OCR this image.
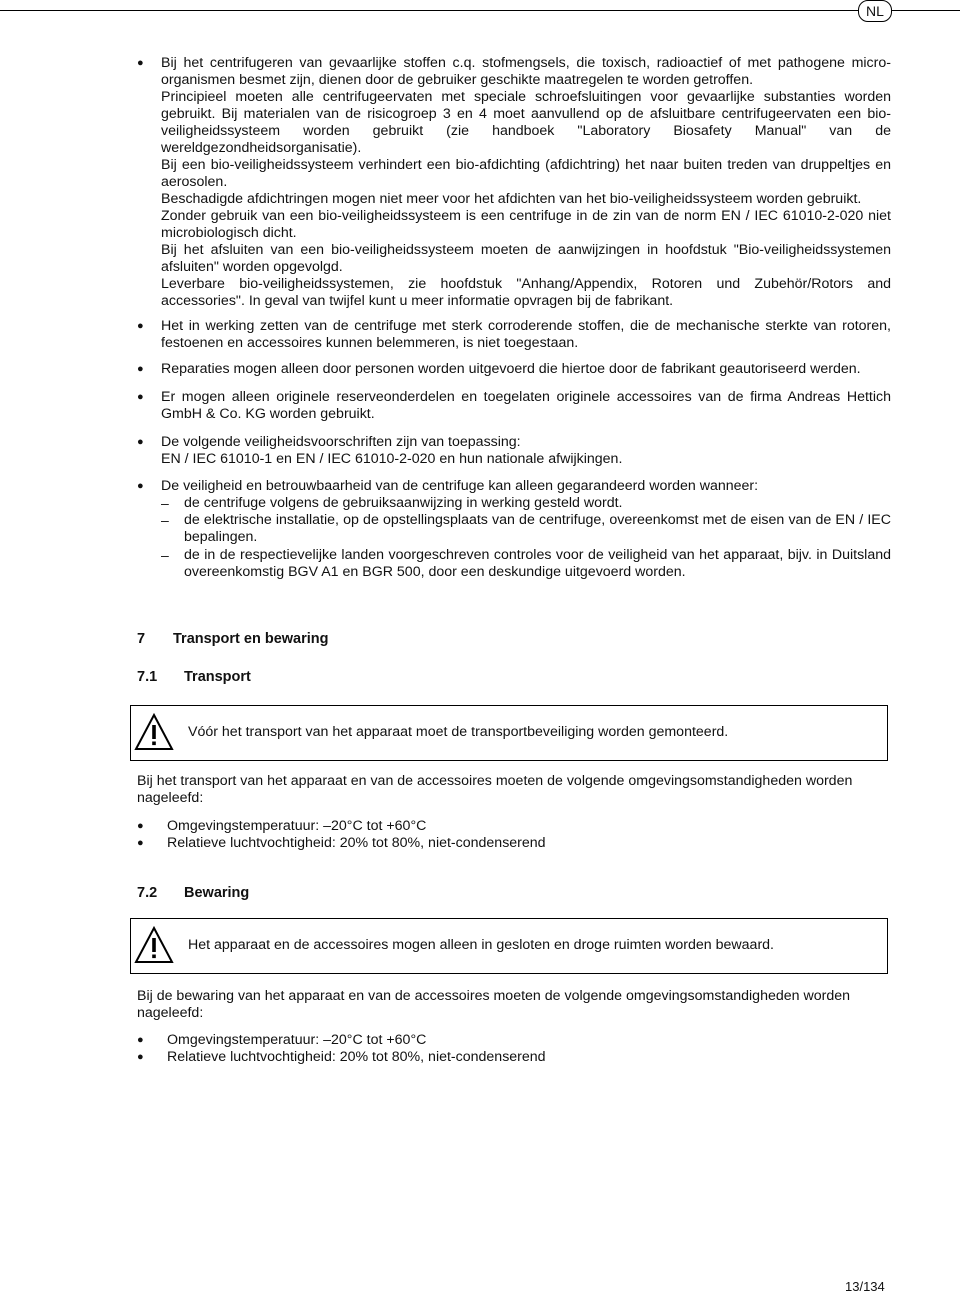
NL
● Bij het centrifugeren van gevaarlijke stoffen c.q. stofmengsels, die toxisch, radioactief of met pathogene micro-organismen besmet zijn, dienen door de gebruiker geschikte maatregelen te worden getroffen.

Principieel moeten alle centrifugeervaten met speciale schroefsluitingen voor gevaarlijke substanties worden gebruikt. Bij materialen van de risicogroep 3 en 4 moet aanvullend op de afsluitbare centrifugeervaten een bio-veiligheidssysteem worden gebruikt (zie handboek "Laboratory Biosafety Manual" van de wereldgezondheidsorganisatie).

Bij een bio-veiligheidssysteem verhindert een bio-afdichting (afdichtring) het naar buiten treden van druppeltjes en aerosolen.

Beschadigde afdichtringen mogen niet meer voor het afdichten van het bio-veiligheidssysteem worden gebruikt.

Zonder gebruik van een bio-veiligheidssysteem is een centrifuge in de zin van de norm EN / IEC 61010-2-020 niet microbiologisch dicht.

Bij het afsluiten van een bio-veiligheidssysteem moeten de aanwijzingen in hoofdstuk "Bio-veiligheidssystemen afsluiten" worden opgevolgd.

Leverbare bio-veiligheidssystemen, zie hoofdstuk "Anhang/Appendix, Rotoren und Zubehör/Rotors and accessories". In geval van twijfel kunt u meer informatie opvragen bij de fabrikant.

● Het in werking zetten van de centrifuge met sterk corroderende stoffen, die de mechanische sterkte van rotoren, festoenen en accessoires kunnen belemmeren, is niet toegestaan.

● Reparaties mogen alleen door personen worden uitgevoerd die hiertoe door de fabrikant geautoriseerd werden.

● Er mogen alleen originele reserveonderdelen en toegelaten originele accessoires van de firma Andreas Hettich GmbH & Co. KG worden gebruikt.

● De volgende veiligheidsvoorschriften zijn van toepassing:

EN / IEC 61010-1 en EN / IEC 61010-2-020 en hun nationale afwijkingen.

● De veiligheid en betrouwbaarheid van de centrifuge kan alleen gegarandeerd worden wanneer:

– de centrifuge volgens de gebruiksaanwijzing in werking gesteld wordt.

– de elektrische installatie, op de opstellingsplaats van de centrifuge, overeenkomst met de eisen van de EN / IEC bepalingen.

– de in de respectievelijke landen voorgeschreven controles voor de veiligheid van het apparaat, bijv. in Duitsland overeenkomstig BGV A1 en BGR 500, door een deskundige uitgevoerd worden.

7 Transport en bewaring
7.1 Transport
Vóór het transport van het apparaat moet de transportbeveiliging worden gemonteerd.

Bij het transport van het apparaat en van de accessoires moeten de volgende omgevingsomstandigheden worden nageleefd:

● Omgevingstemperatuur: –20°C tot +60°C

● Relatieve luchtvochtigheid: 20% tot 80%, niet-condenserend

7.2 Bewaring
Het apparaat en de accessoires mogen alleen in gesloten en droge ruimten worden bewaard.

Bij de bewaring van het apparaat en van de accessoires moeten de volgende omgevingsomstandigheden worden nageleefd:

● Omgevingstemperatuur: –20°C tot +60°C

● Relatieve luchtvochtigheid: 20% tot 80%, niet-condenserend

13/134
